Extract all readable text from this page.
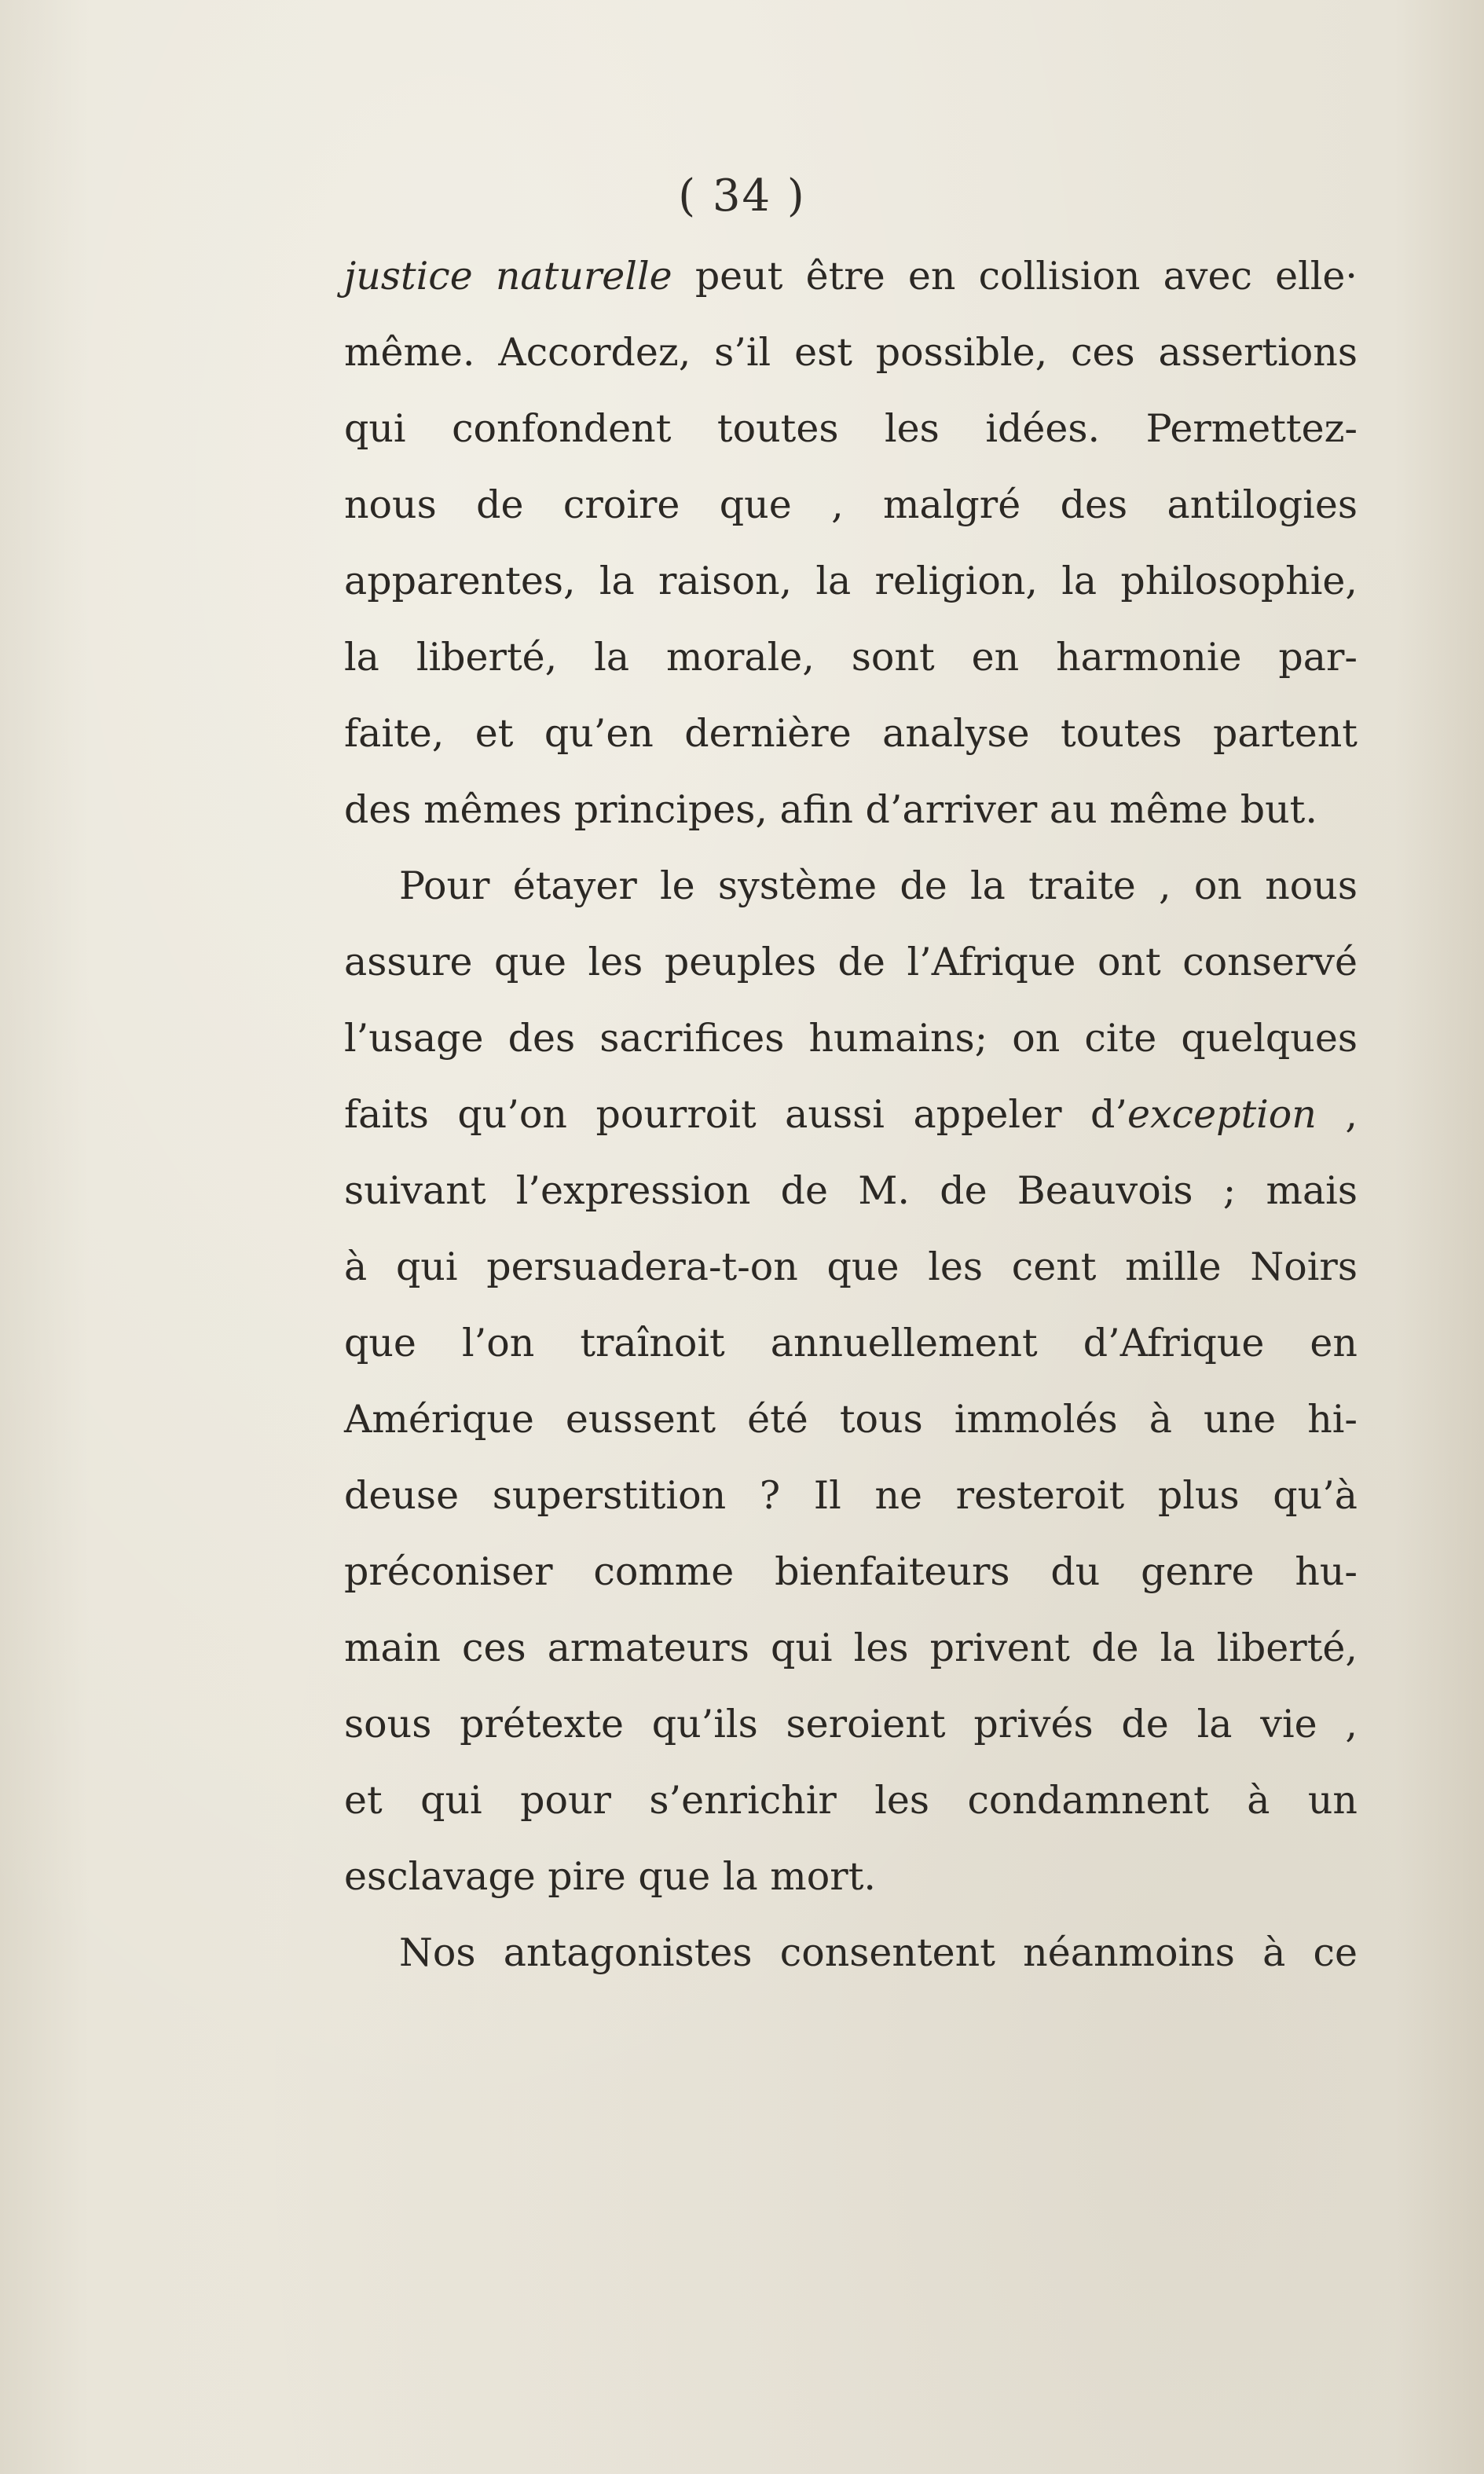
( 34 )
justice naturelle peut être en collision avec elle·
même. Accordez, s’il est possible, ces assertions
qui confondent toutes les idées. Permettez-
nous de croire que , malgré des antilogies
apparentes, la raison, la religion, la philosophie,
la liberté, la morale, sont en harmonie par-
faite, et qu’en dernière analyse toutes partent
des mêmes principes, afin d’arriver au même but.
Pour étayer le système de la traite , on nous
assure que les peuples de l’Afrique ont conservé
l’usage des sacrifices humains; on cite quelques
faits qu’on pourroit aussi appeler d’exception ,
suivant l’expression de M. de Beauvois ; mais
à qui persuadera-t-on que les cent mille Noirs
que l’on traînoit annuellement d’Afrique en
Amérique eussent été tous immolés à une hi-
deuse superstition ? Il ne resteroit plus qu’à
préconiser comme bienfaiteurs du genre hu-
main ces armateurs qui les privent de la liberté,
sous prétexte qu’ils seroient privés de la vie ,
et qui pour s’enrichir les condamnent à un
esclavage pire que la mort.
Nos antagonistes consentent néanmoins à ce
